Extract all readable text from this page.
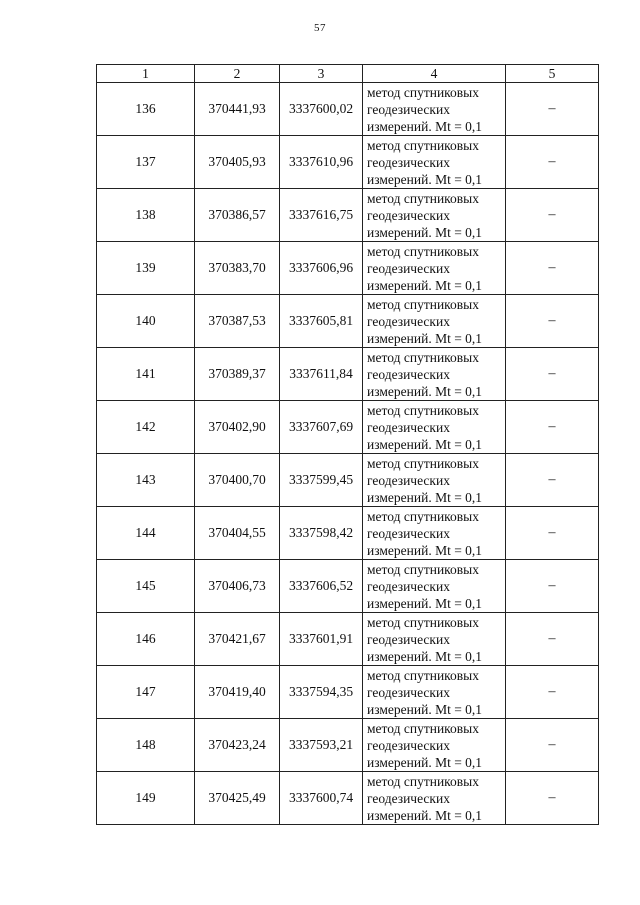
57
1	2	3	4	5
136	370441,93	3337600,02	метод спутниковых
геодезических
измерений. Mt = 0,1	–
137	370405,93	3337610,96	метод спутниковых
геодезических
измерений. Mt = 0,1	–
138	370386,57	3337616,75	метод спутниковых
геодезических
измерений. Mt = 0,1	–
139	370383,70	3337606,96	метод спутниковых
геодезических
измерений. Mt = 0,1	–
140	370387,53	3337605,81	метод спутниковых
геодезических
измерений. Mt = 0,1	–
141	370389,37	3337611,84	метод спутниковых
геодезических
измерений. Mt = 0,1	–
142	370402,90	3337607,69	метод спутниковых
геодезических
измерений. Mt = 0,1	–
143	370400,70	3337599,45	метод спутниковых
геодезических
измерений. Mt = 0,1	–
144	370404,55	3337598,42	метод спутниковых
геодезических
измерений. Mt = 0,1	–
145	370406,73	3337606,52	метод спутниковых
геодезических
измерений. Mt = 0,1	–
146	370421,67	3337601,91	метод спутниковых
геодезических
измерений. Mt = 0,1	–
147	370419,40	3337594,35	метод спутниковых
геодезических
измерений. Mt = 0,1	–
148	370423,24	3337593,21	метод спутниковых
геодезических
измерений. Mt = 0,1	–
149	370425,49	3337600,74	метод спутниковых
геодезических
измерений. Mt = 0,1	–
